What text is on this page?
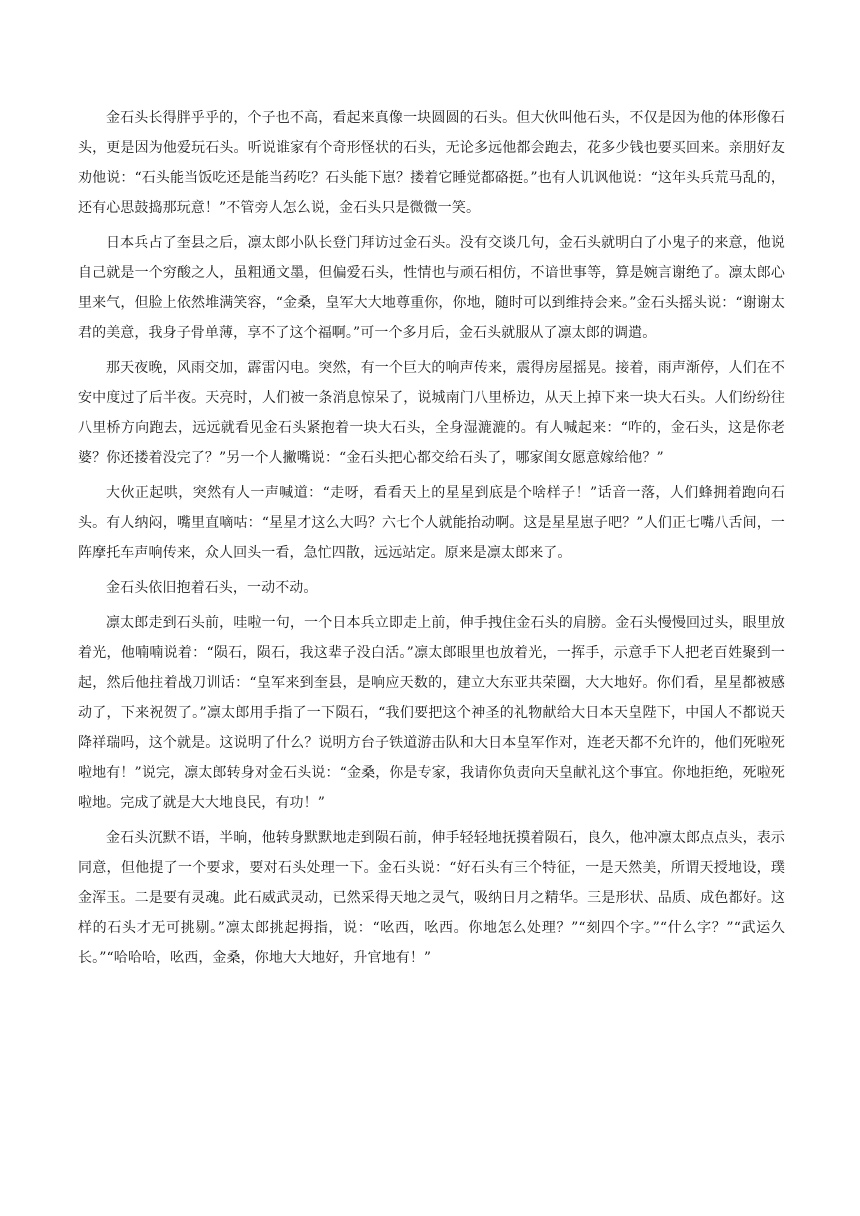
金石头长得胖乎乎的，个子也不高，看起来真像一块圆圆的石头。但大伙叫他石头，不仅是因为他的体形像石头，更是因为他爱玩石头。听说谁家有个奇形怪状的石头，无论多远他都会跑去，花多少钱也要买回来。亲朋好友劝他说：“石头能当饭吃还是能当药吃？石头能下崽？搂着它睡觉都硌挺。”也有人讥讽他说：“这年头兵荒马乱的，还有心思鼓捣那玩意！”不管旁人怎么说，金石头只是微微一笑。

日本兵占了奎县之后，凛太郎小队长登门拜访过金石头。没有交谈几句，金石头就明白了小鬼子的来意，他说自己就是一个穷酸之人，虽粗通文墨，但偏爱石头，性情也与顽石相仿，不谙世事等，算是婉言谢绝了。凛太郎心里来气，但脸上依然堆满笑容，“金桑，皇军大大地尊重你，你地，随时可以到维持会来。”金石头摇头说：“谢谢太君的美意，我身子骨单薄，享不了这个福啊。”可一个多月后，金石头就服从了凛太郎的调遣。

那天夜晚，风雨交加，霹雷闪电。突然，有一个巨大的响声传来，震得房屋摇晃。接着，雨声渐停，人们在不安中度过了后半夜。天亮时，人们被一条消息惊呆了，说城南门八里桥边，从天上掉下来一块大石头。人们纷纷往八里桥方向跑去，远远就看见金石头紧抱着一块大石头，全身湿漉漉的。有人喊起来：“咋的，金石头，这是你老婆？你还搂着没完了？”另一个人撇嘴说：“金石头把心都交给石头了，哪家闺女愿意嫁给他？”

大伙正起哄，突然有人一声喊道：“走呀，看看天上的星星到底是个啥样子！”话音一落，人们蜂拥着跑向石头。有人纳闷，嘴里直嘀咕：“星星才这么大吗？六七个人就能抬动啊。这是星星崽子吧？”人们正七嘴八舌间，一阵摩托车声响传来，众人回头一看，急忙四散，远远站定。原来是凛太郎来了。

金石头依旧抱着石头，一动不动。

凛太郎走到石头前，哇啦一句，一个日本兵立即走上前，伸手拽住金石头的肩膀。金石头慢慢回过头，眼里放着光，他喃喃说着：“陨石，陨石，我这辈子没白活。”凛太郎眼里也放着光，一挥手，示意手下人把老百姓聚到一起，然后他拄着战刀训话：“皇军来到奎县，是响应天数的，建立大东亚共荣圈，大大地好。你们看，星星都被感动了，下来祝贺了。”凛太郎用手指了一下陨石，“我们要把这个神圣的礼物献给大日本天皇陛下，中国人不都说天降祥瑞吗，这个就是。这说明了什么？说明方台子铁道游击队和大日本皇军作对，连老天都不允许的，他们死啦死啦地有！”说完，凛太郎转身对金石头说：“金桑，你是专家，我请你负责向天皇献礼这个事宜。你地拒绝，死啦死啦地。完成了就是大大地良民，有功！”

金石头沉默不语，半晌，他转身默默地走到陨石前，伸手轻轻地抚摸着陨石，良久，他冲凛太郎点点头，表示同意，但他提了一个要求，要对石头处理一下。金石头说：“好石头有三个特征，一是天然美，所谓天授地设，璞金浑玉。二是要有灵魂。此石威武灵动，已然采得天地之灵气，吸纳日月之精华。三是形状、品质、成色都好。这样的石头才无可挑剔。”凛太郎挑起拇指，说：“吆西，吆西。你地怎么处理？”“刻四个字。”“什么字？”“武运久长。”“哈哈哈，吆西，金桑，你地大大地好，升官地有！”
